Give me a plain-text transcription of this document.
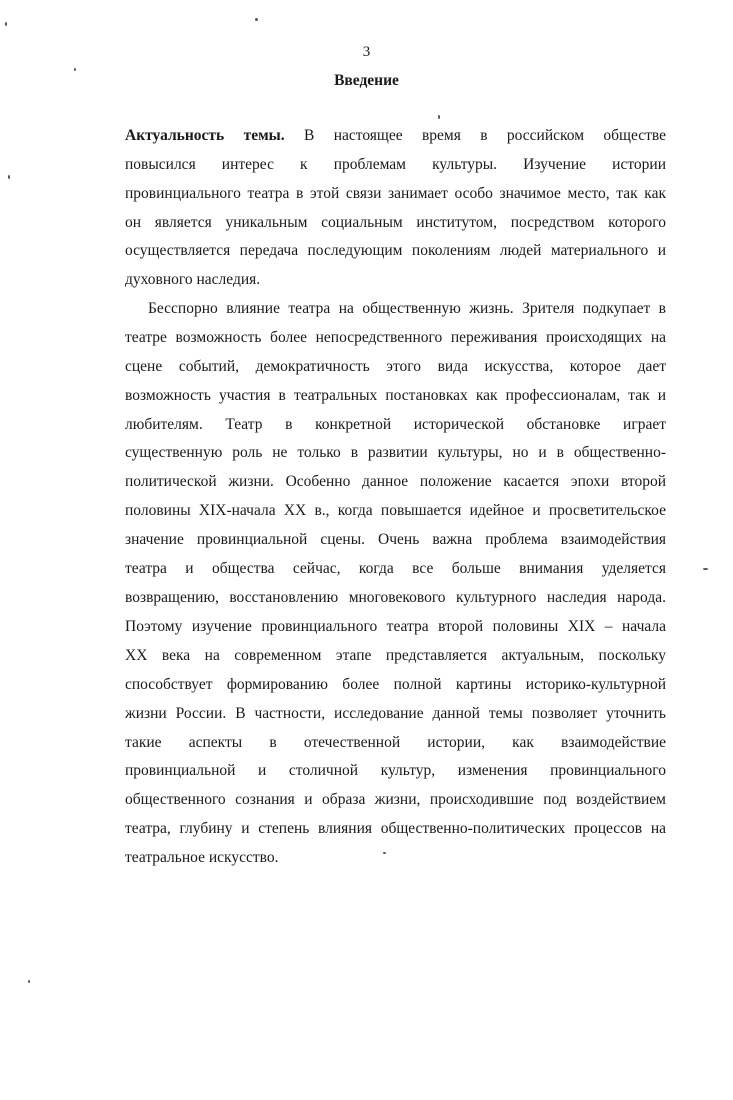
3
Введение
Актуальность темы. В настоящее время в российском обществе
повысился интерес к проблемам культуры. Изучение истории
провинциального театра в этой связи занимает особо значимое место, так как
он является уникальным социальным институтом, посредством которого
осуществляется передача последующим поколениям людей материального и
духовного наследия.
Бесспорно влияние театра на общественную жизнь. Зрителя подкупает в
театре возможность более непосредственного переживания происходящих на
сцене событий, демократичность этого вида искусства, которое дает
возможность участия в театральных постановках как профессионалам, так и
любителям. Театр в конкретной исторической обстановке играет
существенную роль не только в развитии культуры, но и в общественно-
политической жизни. Особенно данное положение касается эпохи второй
половины XIX-начала XX в., когда повышается идейное и просветительское
значение провинциальной сцены. Очень важна проблема взаимодействия
театра и общества сейчас, когда все больше внимания уделяется
возвращению, восстановлению многовекового культурного наследия народа.
Поэтому изучение провинциального театра второй половины XIX – начала
XX века на современном этапе представляется актуальным, поскольку
способствует формированию более полной картины историко-культурной
жизни России. В частности, исследование данной темы позволяет уточнить
такие аспекты в отечественной истории, как взаимодействие
провинциальной и столичной культур, изменения провинциального
общественного сознания и образа жизни, происходившие под воздействием
театра, глубину и степень влияния общественно-политических процессов на
театральное искусство.
